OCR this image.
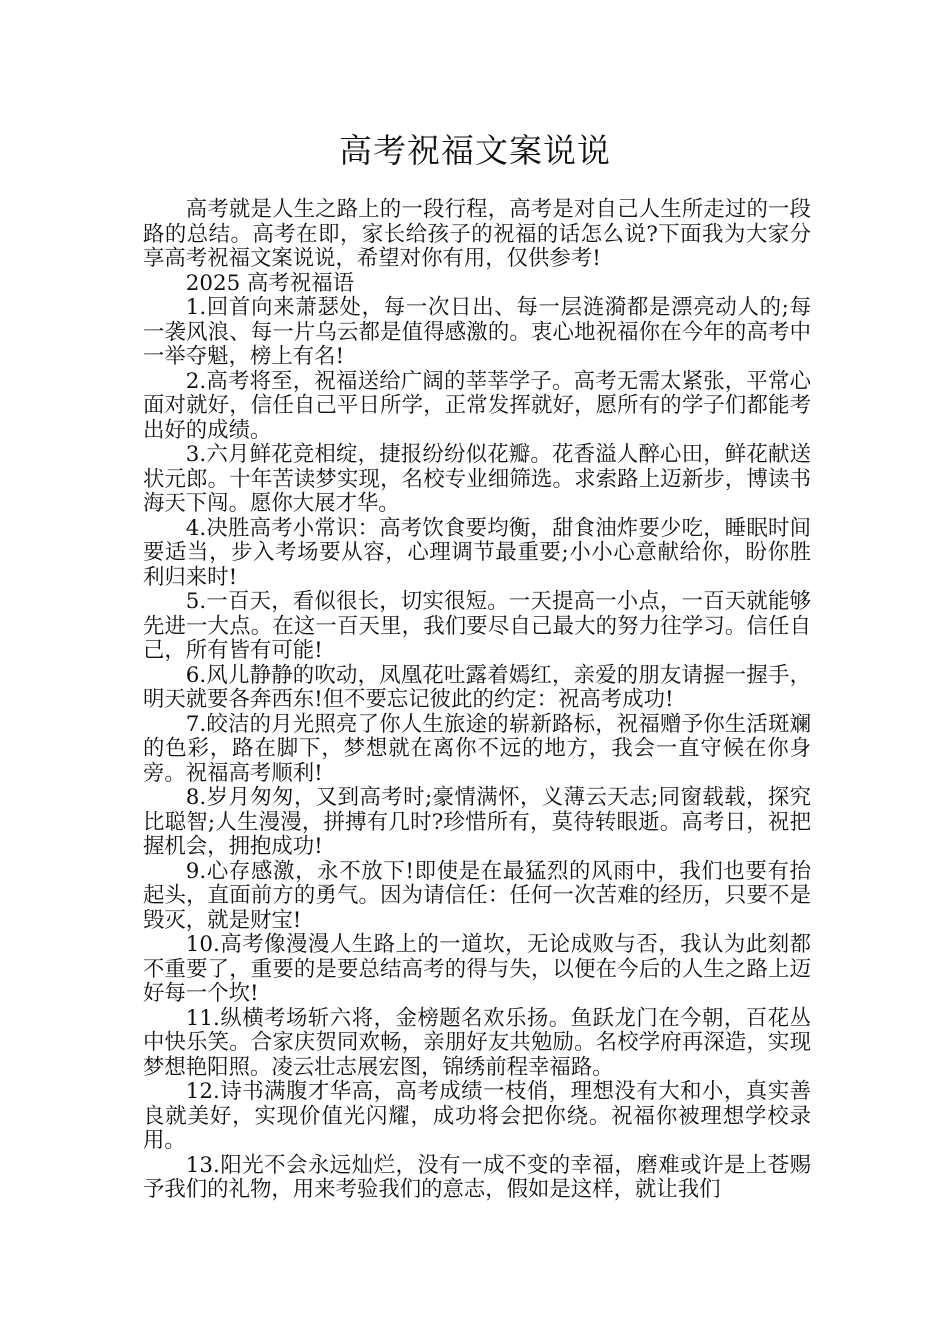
高考祝福文案说说

高考就是人生之路上的一段行程，高考是对自己人生所走过的一段路的总结。高考在即，家长给孩子的祝福的话怎么说?下面我为大家分享高考祝福文案说说，希望对你有用，仅供参考!

2025 高考祝福语

1.回首向来萧瑟处，每一次日出、每一层涟漪都是漂亮动人的;每一袭风浪、每一片乌云都是值得感激的。衷心地祝福你在今年的高考中一举夺魁，榜上有名!

2.高考将至，祝福送给广阔的莘莘学子。高考无需太紧张，平常心面对就好，信任自己平日所学，正常发挥就好，愿所有的学子们都能考出好的成绩。

3.六月鲜花竞相绽，捷报纷纷似花瓣。花香溢人醉心田，鲜花献送状元郎。十年苦读梦实现，名校专业细筛选。求索路上迈新步，博读书海天下闯。愿你大展才华。

4.决胜高考小常识：高考饮食要均衡，甜食油炸要少吃，睡眠时间要适当，步入考场要从容，心理调节最重要;小小心意献给你，盼你胜利归来时!

5.一百天，看似很长，切实很短。一天提高一小点，一百天就能够先进一大点。在这一百天里，我们要尽自己最大的努力往学习。信任自己，所有皆有可能!

6.风儿静静的吹动，凤凰花吐露着嫣红，亲爱的朋友请握一握手，明天就要各奔西东!但不要忘记彼此的约定：祝高考成功!

7.皎洁的月光照亮了你人生旅途的崭新路标，祝福赠予你生活斑斓的色彩，路在脚下，梦想就在离你不远的地方，我会一直守候在你身旁。祝福高考顺利!

8.岁月匆匆，又到高考时;豪情满怀，义薄云天志;同窗载载，探究比聪智;人生漫漫，拼搏有几时?珍惜所有，莫待转眼逝。高考日，祝把握机会，拥抱成功!

9.心存感激，永不放下!即使是在最猛烈的风雨中，我们也要有抬起头，直面前方的勇气。因为请信任：任何一次苦难的经历，只要不是毁灭，就是财宝!

10.高考像漫漫人生路上的一道坎，无论成败与否，我认为此刻都不重要了，重要的是要总结高考的得与失，以便在今后的人生之路上迈好每一个坎!

11.纵横考场斩六将，金榜题名欢乐扬。鱼跃龙门在今朝，百花丛中快乐笑。合家庆贺同欢畅，亲朋好友共勉励。名校学府再深造，实现梦想艳阳照。凌云壮志展宏图，锦绣前程幸福路。

12.诗书满腹才华高，高考成绩一枝俏，理想没有大和小，真实善良就美好，实现价值光闪耀，成功将会把你绕。祝福你被理想学校录用。

13.阳光不会永远灿烂，没有一成不变的幸福，磨难或许是上苍赐予我们的礼物，用来考验我们的意志，假如是这样，就让我们
